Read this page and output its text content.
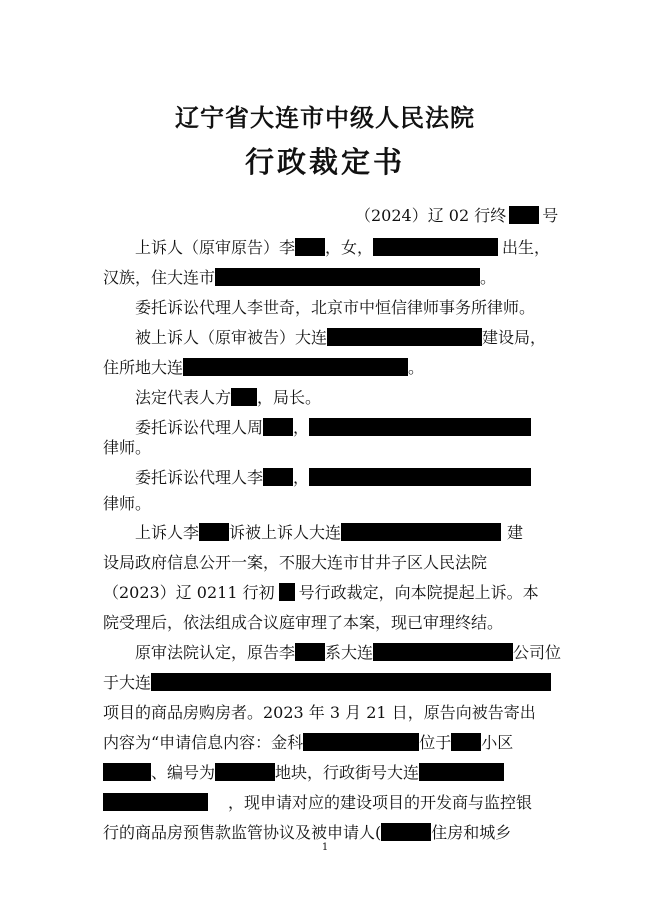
辽宁省大连市中级人民法院
行政裁定书
（2024）辽 02 行终 号
上诉人（原审原告）李 ，女，	出生，
汉族，住大连市	。
委托诉讼代理人李世奇，北京市中恒信律师事务所律师。
被上诉人（原审被告）大连	建设局，
住所地大连	。
法定代表人方 ，局长。
委托诉讼代理人周 ，
律师。
委托诉讼代理人李 ，
律师。
上诉人李 诉被上诉人大连	建
设局政府信息公开一案，不服大连市甘井子区人民法院
（2023）辽 0211 行初 号行政裁定，向本院提起上诉。本
院受理后，依法组成合议庭审理了本案，现已审理终结。
原审法院认定，原告李 系大连	公司位
于大连
项目的商品房购房者。2023 年 3 月 21 日，原告向被告寄出
内容为“申请信息内容：金科	位于 小区
、编号为	地块，行政街号大连
，现申请对应的建设项目的开发商与监控银
行的商品房预售款监管协议及被申请人(	住房和城乡
1
